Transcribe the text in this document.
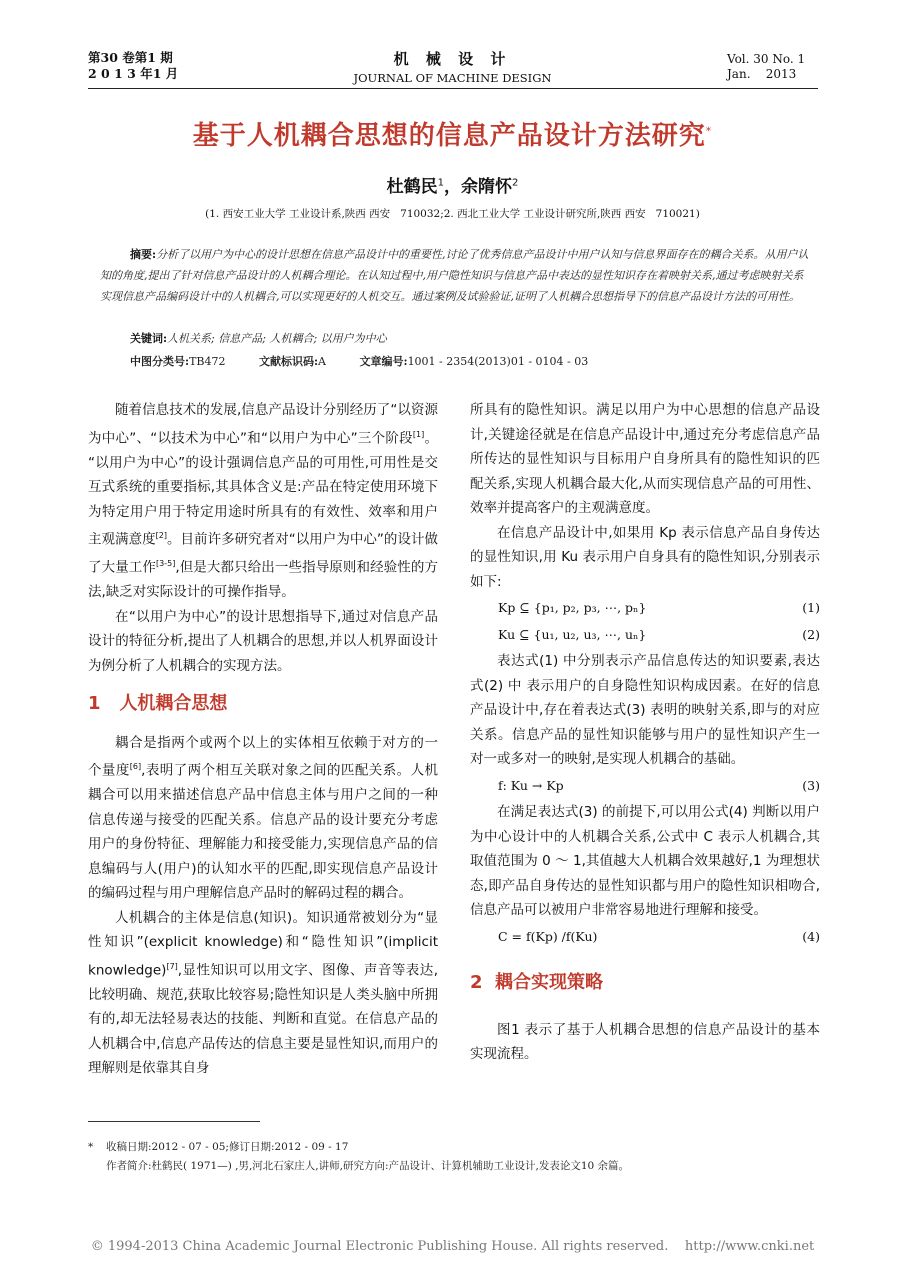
第30 卷第1 期
2 0 1 3 年1 月
机 械 设 计
JOURNAL OF MACHINE DESIGN
Vol. 30 No. 1
Jan.    2013
基于人机耦合思想的信息产品设计方法研究*
杜鹤民$^1$，余隋怀$^2$
(1. 西安工业大学 工业设计系,陕西 西安   710032;2. 西北工业大学 工业设计研究所,陕西 西安   710021)
摘要:分析了以用户为中心的设计思想在信息产品设计中的重要性,讨论了优秀信息产品设计中用户认知与信息界面存在的耦合关系。从用户认知的角度,提出了针对信息产品设计的人机耦合理论。在认知过程中,用户隐性知识与信息产品中表达的显性知识存在着映射关系,通过考虑映射关系实现信息产品编码设计中的人机耦合,可以实现更好的人机交互。通过案例及试验验证,证明了人机耦合思想指导下的信息产品设计方法的可用性。
关键词:人机关系; 信息产品; 人机耦合; 以用户为中心
中图分类号:TB472	文献标识码:A	文章编号:1001 - 2354(2013)01 - 0104 - 03

随着信息技术的发展,信息产品设计分别经历了“以资源为中心”、“以技术为中心”和“以用户为中心”三个阶段[1]。 “以用户为中心”的设计强调信息产品的可用性,可用性是交互式系统的重要指标,其具体含义是:产品在特定使用环境下为特定用户用于特定用途时所具有的有效性、效率和用户主观满意度[2]。目前许多研究者对“以用户为中心”的设计做了大量工作[3-5],但是大都只给出一些指导原则和经验性的方法,缺乏对实际设计的可操作指导。

在“以用户为中心”的设计思想指导下,通过对信息产品设计的特征分析,提出了人机耦合的思想,并以人机界面设计为例分析了人机耦合的实现方法。

1   人机耦合思想

耦合是指两个或两个以上的实体相互依赖于对方的一个量度[6],表明了两个相互关联对象之间的匹配关系。人机耦合可以用来描述信息产品中信息主体与用户之间的一种信息传递与接受的匹配关系。信息产品的设计要充分考虑用户的身份特征、理解能力和接受能力,实现信息产品的信息编码与人(用户)的认知水平的匹配,即实现信息产品设计的编码过程与用户理解信息产品时的解码过程的耦合。

人机耦合的主体是信息(知识)。知识通常被划分为“显性知识”(explicit knowledge)和“隐性知识”(implicit knowledge)[7],显性知识可以用文字、图像、声音等表达,比较明确、规范,获取比较容易;隐性知识是人类头脑中所拥有的,却无法轻易表达的技能、判断和直觉。在信息产品的人机耦合中,信息产品传达的信息主要是显性知识,而用户的理解则是依靠其自身

所具有的隐性知识。满足以用户为中心思想的信息产品设计,关键途径就是在信息产品设计中,通过充分考虑信息产品所传达的显性知识与目标用户自身所具有的隐性知识的匹配关系,实现人机耦合最大化,从而实现信息产品的可用性、效率并提高客户的主观满意度。

在信息产品设计中,如果用 Kp 表示信息产品自身传达的显性知识,用 Ku 表示用户自身具有的隐性知识,分别表示如下:

Kp ⊆ {p₁, p₂, p₃, ⋯, pₙ}	(1)
Ku ⊆ {u₁, u₂, u₃, ⋯, uₙ}	(2)

表达式(1) 中分别表示产品信息传达的知识要素,表达式(2) 中 表示用户的自身隐性知识构成因素。在好的信息产品设计中,存在着表达式(3) 表明的映射关系,即与的对应关系。信息产品的显性知识能够与用户的显性知识产生一对一或多对一的映射,是实现人机耦合的基础。

f: Ku → Kp	(3)

在满足表达式(3) 的前提下,可以用公式(4) 判断以用户为中心设计中的人机耦合关系,公式中 C 表示人机耦合,其取值范围为 0 ～ 1,其值越大人机耦合效果越好,1 为理想状态,即产品自身传达的显性知识都与用户的隐性知识相吻合,信息产品可以被用户非常容易地进行理解和接受。

C = f(Kp) /f(Ku)	(4)
2  耦合实现策略

图1 表示了基于人机耦合思想的信息产品设计的基本实现流程。

* 收稿日期:2012 - 07 - 05;修订日期:2012 - 09 - 17
作者简介:杜鹤民( 1971—) ,男,河北石家庄人,讲师,研究方向:产品设计、计算机辅助工业设计,发表论文10 余篇。
© 1994-2013 China Academic Journal Electronic Publishing House. All rights reserved.    http://www.cnki.net
